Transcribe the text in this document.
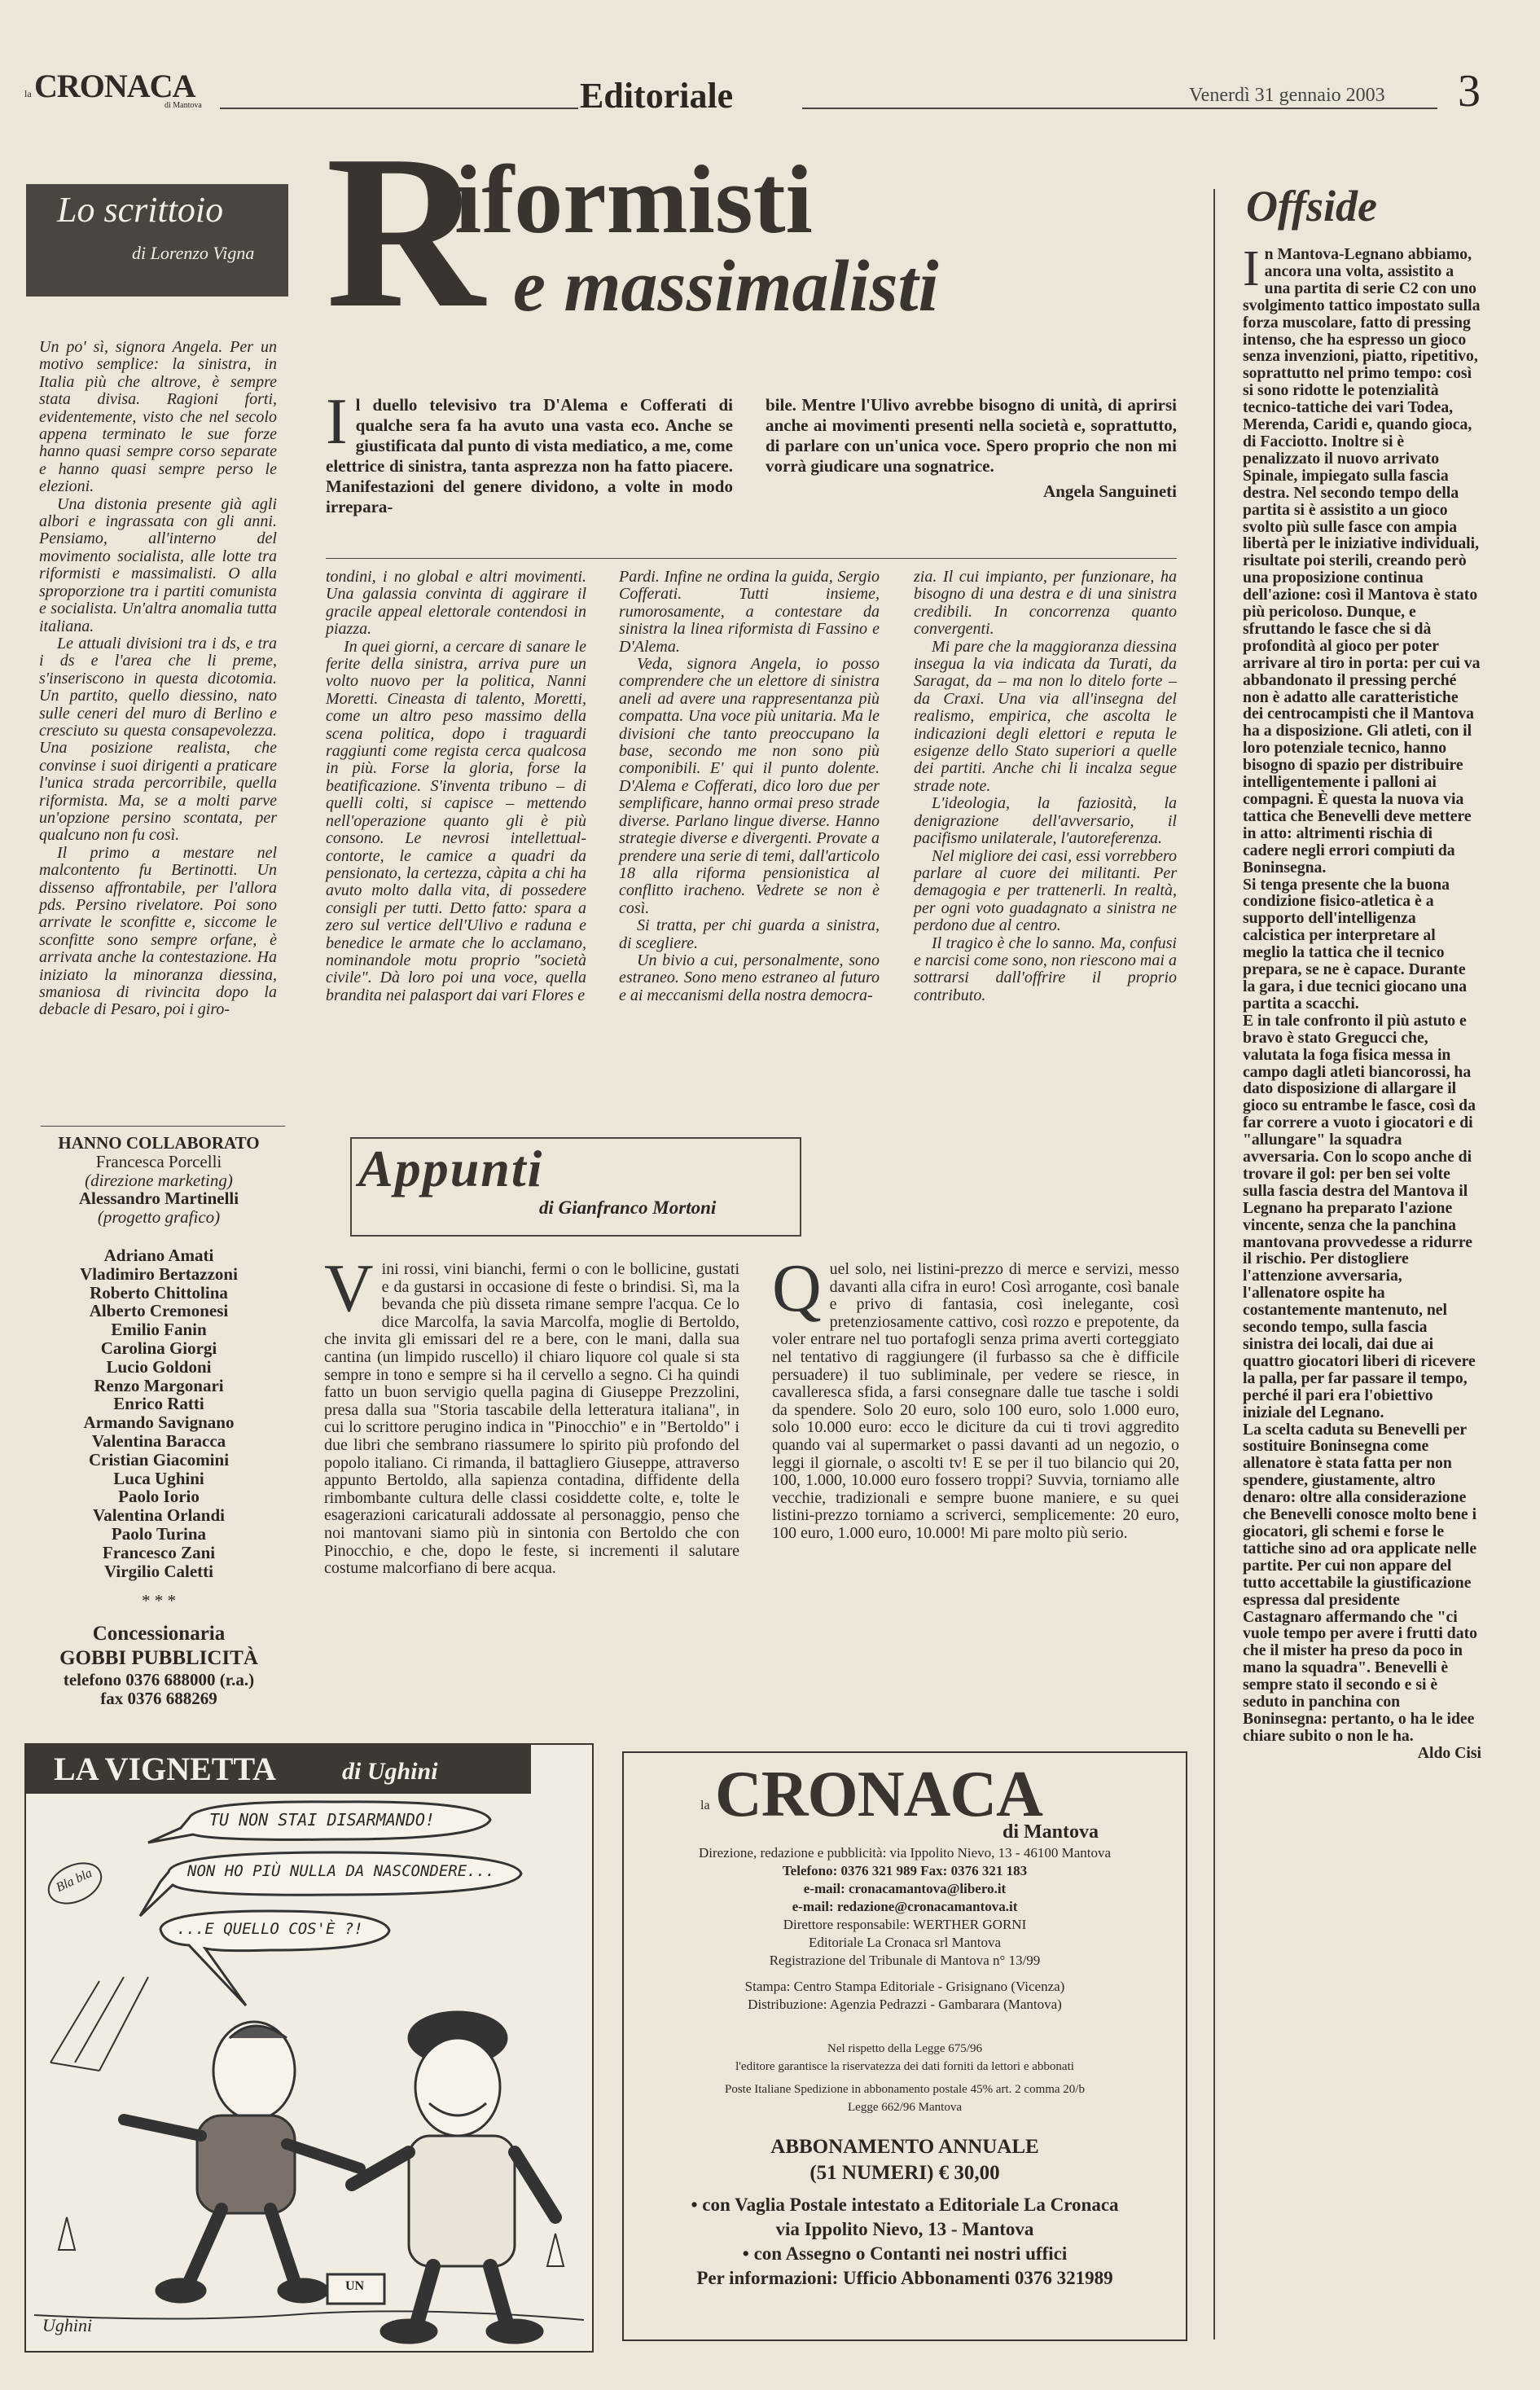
la CRONACA
di Mantova	Editoriale	Venerdì 31 gennaio 2003 3
Lo scrittoio
di Lorenzo Vigna R
iformisti
e massimalisti
Il duello televisivo tra D'Alema e Cofferati di qualche sera fa ha avuto una vasta eco. Anche se giustificata dal punto di vista mediatico, a me, come elettrice di sinistra, tanta asprezza non ha fatto piacere. Manifestazioni del genere dividono, a volte in modo irrepara-

bile. Mentre l'Ulivo avrebbe bisogno di unità, di aprirsi anche ai movimenti presenti nella società e, soprattutto, di parlare con un'unica voce. Spero proprio che non mi vorrà giudicare una sognatrice.

Angela Sanguineti

Un po' sì, signora Angela. Per un motivo semplice: la sinistra, in Italia più che altrove, è sempre stata divisa. Ragioni forti, evidentemente, visto che nel secolo appena terminato le sue forze hanno quasi sempre corso separate e hanno quasi sempre perso le elezioni.

Una distonia presente già agli albori e ingrassata con gli anni. Pensiamo, all'interno del movimento socialista, alle lotte tra riformisti e massimalisti. O alla sproporzione tra i partiti comunista e socialista. Un'altra anomalia tutta italiana.

Le attuali divisioni tra i ds, e tra i ds e l'area che li preme, s'inseriscono in questa dicotomia. Un partito, quello diessino, nato sulle ceneri del muro di Berlino e cresciuto su questa consapevolezza. Una posizione realista, che convinse i suoi dirigenti a praticare l'unica strada percorribile, quella riformista. Ma, se a molti parve un'opzione persino scontata, per qualcuno non fu così.

Il primo a mestare nel malcontento fu Bertinotti. Un dissenso affrontabile, per l'allora pds. Persino rivelatore. Poi sono arrivate le sconfitte e, siccome le sconfitte sono sempre orfane, è arrivata anche la contestazione. Ha iniziato la minoranza diessina, smaniosa di rivincita dopo la debacle di Pesaro, poi i giro-

tondini, i no global e altri movimenti. Una galassia convinta di aggirare il gracile appeal elettorale contendosi in piazza.

In quei giorni, a cercare di sanare le ferite della sinistra, arriva pure un volto nuovo per la politica, Nanni Moretti. Cineasta di talento, Moretti, come un altro peso massimo della scena politica, dopo i traguardi raggiunti come regista cerca qualcosa in più. Forse la gloria, forse la beatificazione. S'inventa tribuno – di quelli colti, si capisce – mettendo nell'operazione quanto gli è più consono. Le nevrosi intellettual-contorte, le camice a quadri da pensionato, la certezza, càpita a chi ha avuto molto dalla vita, di possedere consigli per tutti. Detto fatto: spara a zero sul vertice dell'Ulivo e raduna e benedice le armate che lo acclamano, nominandole motu proprio "società civile". Dà loro poi una voce, quella brandita nei palasport dai vari Flores e

Pardi. Infine ne ordina la guida, Sergio Cofferati. Tutti insieme, rumorosamente, a contestare da sinistra la linea riformista di Fassino e D'Alema.

Veda, signora Angela, io posso comprendere che un elettore di sinistra aneli ad avere una rappresentanza più compatta. Una voce più unitaria. Ma le divisioni che tanto preoccupano la base, secondo me non sono più componibili. E' qui il punto dolente. D'Alema e Cofferati, dico loro due per semplificare, hanno ormai preso strade diverse. Parlano lingue diverse. Hanno strategie diverse e divergenti. Provate a prendere una serie di temi, dall'articolo 18 alla riforma pensionistica al conflitto iracheno. Vedrete se non è così.

Si tratta, per chi guarda a sinistra, di scegliere.

Un bivio a cui, personalmente, sono estraneo. Sono meno estraneo al futuro e ai meccanismi della nostra democra-

zia. Il cui impianto, per funzionare, ha bisogno di una destra e di una sinistra credibili. In concorrenza quanto convergenti.

Mi pare che la maggioranza diessina insegua la via indicata da Turati, da Saragat, da – ma non lo ditelo forte – da Craxi. Una via all'insegna del realismo, empirica, che ascolta le indicazioni degli elettori e reputa le esigenze dello Stato superiori a quelle dei partiti. Anche chi li incalza segue strade note.

L'ideologia, la faziosità, la denigrazione dell'avversario, il pacifismo unilaterale, l'autoreferenza.

Nel migliore dei casi, essi vorrebbero parlare al cuore dei militanti. Per demagogia e per trattenerli. In realtà, per ogni voto guadagnato a sinistra ne perdono due al centro.

Il tragico è che lo sanno. Ma, confusi e narcisi come sono, non riescono mai a sottrarsi dall'offrire il proprio contributo.

Offside

In Mantova-Legnano abbiamo, ancora una volta, assistito a una partita di serie C2 con uno svolgimento tattico impostato sulla forza muscolare, fatto di pressing intenso, che ha espresso un gioco senza invenzioni, piatto, ripetitivo, soprattutto nel primo tempo: così si sono ridotte le potenzialità tecnico-tattiche dei vari Todea, Merenda, Caridi e, quando gioca, di Facciotto. Inoltre si è penalizzato il nuovo arrivato Spinale, impiegato sulla fascia destra. Nel secondo tempo della partita si è assistito a un gioco svolto più sulle fasce con ampia libertà per le iniziative individuali, risultate poi sterili, creando però una proposizione continua dell'azione: così il Mantova è stato più pericoloso. Dunque, e sfruttando le fasce che si dà profondità al gioco per poter arrivare al tiro in porta: per cui va abbandonato il pressing perché non è adatto alle caratteristiche dei centrocampisti che il Mantova ha a disposizione. Gli atleti, con il loro potenziale tecnico, hanno bisogno di spazio per distribuire intelligentemente i palloni ai compagni. È questa la nuova via tattica che Benevelli deve mettere in atto: altrimenti rischia di cadere negli errori compiuti da Boninsegna.

Si tenga presente che la buona condizione fisico-atletica è a supporto dell'intelligenza calcistica per interpretare al meglio la tattica che il tecnico prepara, se ne è capace. Durante la gara, i due tecnici giocano una partita a scacchi.

E in tale confronto il più astuto e bravo è stato Gregucci che, valutata la foga fisica messa in campo dagli atleti biancorossi, ha dato disposizione di allargare il gioco su entrambe le fasce, così da far correre a vuoto i giocatori e di "allungare" la squadra avversaria. Con lo scopo anche di trovare il gol: per ben sei volte sulla fascia destra del Mantova il Legnano ha preparato l'azione vincente, senza che la panchina mantovana provvedesse a ridurre il rischio. Per distogliere l'attenzione avversaria, l'allenatore ospite ha costantemente mantenuto, nel secondo tempo, sulla fascia sinistra dei locali, dai due ai quattro giocatori liberi di ricevere la palla, per far passare il tempo, perché il pari era l'obiettivo iniziale del Legnano.

La scelta caduta su Benevelli per sostituire Boninsegna come allenatore è stata fatta per non spendere, giustamente, altro denaro: oltre alla considerazione che Benevelli conosce molto bene i giocatori, gli schemi e forse le tattiche sino ad ora applicate nelle partite. Per cui non appare del tutto accettabile la giustificazione espressa dal presidente Castagnaro affermando che "ci vuole tempo per avere i frutti dato che il mister ha preso da poco in mano la squadra". Benevelli è sempre stato il secondo e si è seduto in panchina con Boninsegna: pertanto, o ha le idee chiare subito o non le ha.

Aldo Cisi

HANNO COLLABORATO
Francesca Porcelli
(direzione marketing)
Alessandro Martinelli
(progetto grafico)
Adriano Amati
Vladimiro Bertazzoni
Roberto Chittolina
Alberto Cremonesi
Emilio Fanin
Carolina Giorgi
Lucio Goldoni
Renzo Margonari
Enrico Ratti
Armando Savignano
Valentina Baracca
Cristian Giacomini
Luca Ughini
Paolo Iorio
Valentina Orlandi
Paolo Turina
Francesco Zani
Virgilio Caletti
* * *
Concessionaria
GOBBI PUBBLICITÀ
telefono 0376 688000 (r.a.)
fax 0376 688269
Appunti
di Gianfranco Mortoni
Vini rossi, vini bianchi, fermi o con le bollicine, gustati e da gustarsi in occasione di feste o brindisi. Sì, ma la bevanda che più disseta rimane sempre l'acqua. Ce lo dice Marcolfa, la savia Marcolfa, moglie di Bertoldo, che invita gli emissari del re a bere, con le mani, dalla sua cantina (un limpido ruscello) il chiaro liquore col quale si sta sempre in tono e sempre si ha il cervello a segno. Ci ha quindi fatto un buon servigio quella pagina di Giuseppe Prezzolini, presa dalla sua "Storia tascabile della letteratura italiana", in cui lo scrittore perugino indica in "Pinocchio" e in "Bertoldo" i due libri che sembrano riassumere lo spirito più profondo del popolo italiano. Ci rimanda, il battagliero Giuseppe, attraverso appunto Bertoldo, alla sapienza contadina, diffidente della rimbombante cultura delle classi cosiddette colte, e, tolte le esagerazioni caricaturali addossate al personaggio, penso che noi mantovani siamo più in sintonia con Bertoldo che con Pinocchio, e che, dopo le feste, si incrementi il salutare costume malcorfiano di bere acqua.
Quel solo, nei listini-prezzo di merce e servizi, messo davanti alla cifra in euro! Così arrogante, così banale e privo di fantasia, così inelegante, così pretenziosamente cattivo, così rozzo e prepotente, da voler entrare nel tuo portafogli senza prima averti corteggiato nel tentativo di raggiungere (il furbasso sa che è difficile persuadere) il tuo subliminale, per vedere se riesce, in cavalleresca sfida, a farsi consegnare dalle tue tasche i soldi da spendere. Solo 20 euro, solo 100 euro, solo 1.000 euro, solo 10.000 euro: ecco le diciture da cui ti trovi aggredito quando vai al supermarket o passi davanti ad un negozio, o leggi il giornale, o ascolti tv! E se per il tuo bilancio qui 20, 100, 1.000, 10.000 euro fossero troppi? Suvvia, torniamo alle vecchie, tradizionali e sempre buone maniere, e su quei listini-prezzo torniamo a scriverci, semplicemente: 20 euro, 100 euro, 1.000 euro, 10.000! Mi pare molto più serio.
LA VIGNETTA	di Ughini
TU NON STAI DISARMANDO!
NON HO PIÙ NULLA DA NASCONDERE...
...E QUELLO COS'È ?!
Bla bla
UN
Ughini
la CRONACA
di Mantova
Direzione, redazione e pubblicità: via Ippolito Nievo, 13 - 46100 Mantova
Telefono: 0376 321 989 Fax: 0376 321 183
e-mail: cronacamantova@libero.it
e-mail: redazione@cronacamantova.it
Direttore responsabile: WERTHER GORNI
Editoriale La Cronaca srl Mantova
Registrazione del Tribunale di Mantova n° 13/99
Stampa: Centro Stampa Editoriale - Grisignano (Vicenza)
Distribuzione: Agenzia Pedrazzi - Gambarara (Mantova)
Nel rispetto della Legge 675/96
l'editore garantisce la riservatezza dei dati forniti da lettori e abbonati
Poste Italiane Spedizione in abbonamento postale 45% art. 2 comma 20/b
Legge 662/96 Mantova
ABBONAMENTO ANNUALE
(51 NUMERI) € 30,00
• con Vaglia Postale intestato a Editoriale La Cronaca
via Ippolito Nievo, 13 - Mantova
• con Assegno o Contanti nei nostri uffici
Per informazioni: Ufficio Abbonamenti 0376 321989
